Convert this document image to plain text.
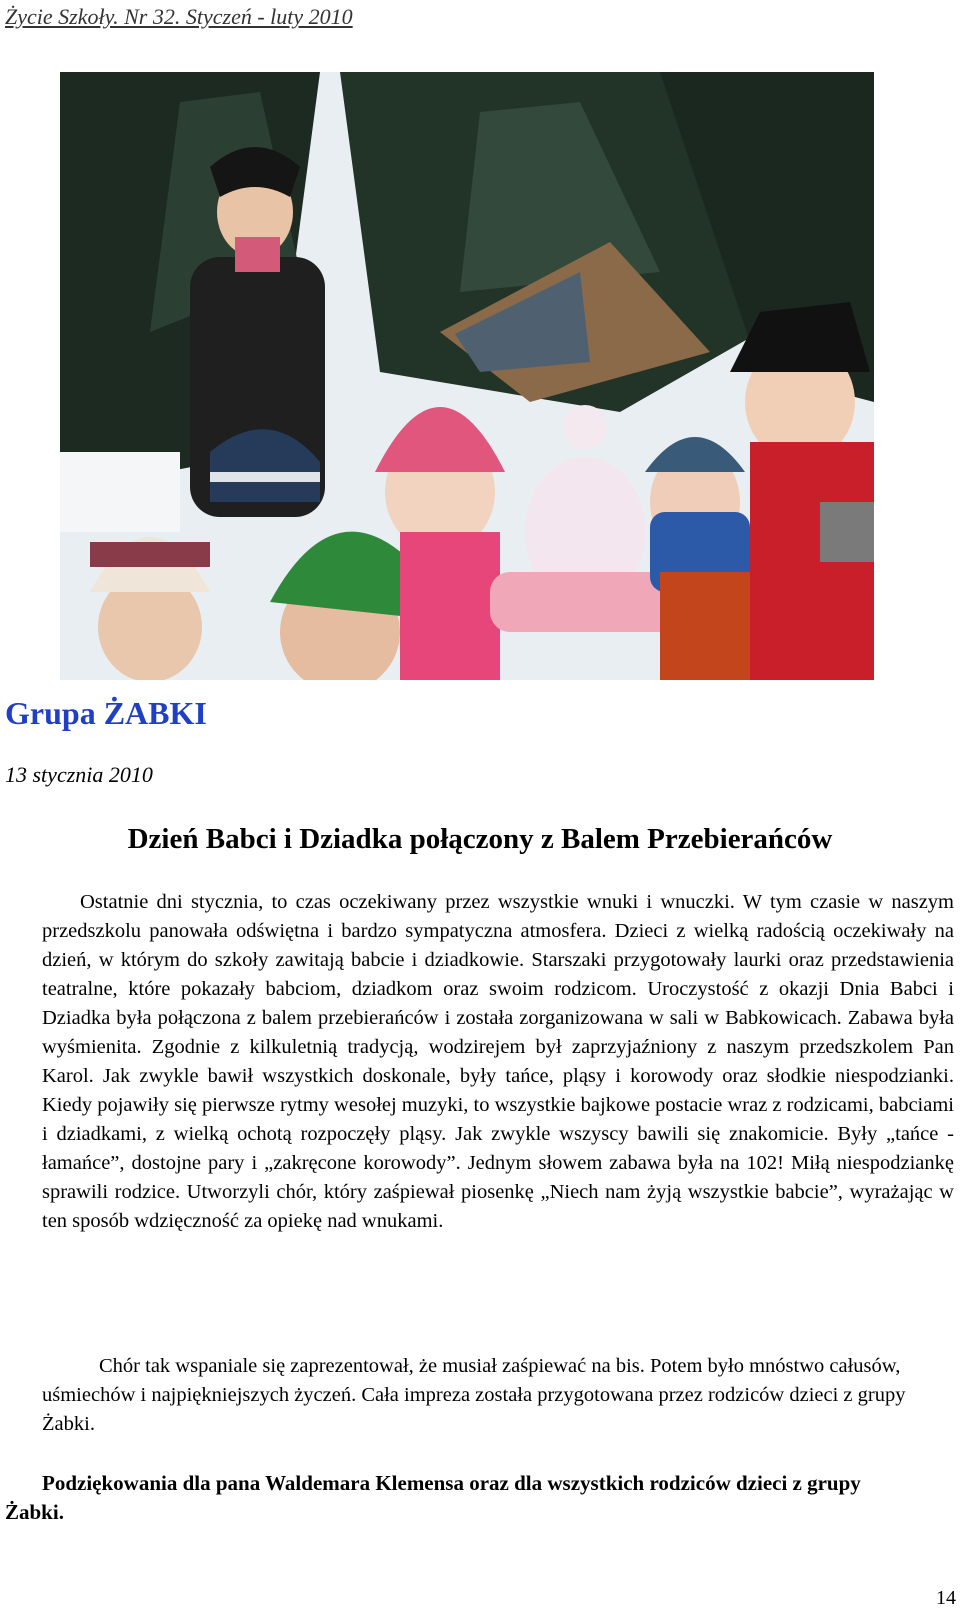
Życie Szkoły. Nr 32. Styczeń - luty 2010
Grupa ŻABKI
13 stycznia 2010
Dzień Babci i Dziadka połączony z Balem Przebierańców
Ostatnie dni stycznia, to czas oczekiwany przez wszystkie wnuki i wnuczki. W tym czasie w naszym przedszkolu panowała odświętna i bardzo sympatyczna atmosfera. Dzieci z wielką radością oczekiwały na dzień, w którym do szkoły zawitają babcie i dziadkowie. Starszaki przygotowały laurki oraz przedstawienia teatralne, które pokazały babciom, dziadkom oraz swoim rodzicom. Uroczystość z okazji Dnia Babci i Dziadka była połączona z balem przebierańców i została zorganizowana w sali w Babkowicach. Zabawa była wyśmienita. Zgodnie z kilkuletnią tradycją, wodzirejem był zaprzyjaźniony z naszym przedszkolem Pan Karol. Jak zwykle bawił wszystkich doskonale, były tańce, pląsy i korowody oraz słodkie niespodzianki. Kiedy pojawiły się pierwsze rytmy wesołej muzyki, to wszystkie bajkowe postacie wraz z rodzicami, babciami i dziadkami, z wielką ochotą rozpoczęły pląsy. Jak zwykle wszyscy bawili się znakomicie. Były „tańce - łamańce”, dostojne pary i „zakręcone korowody”. Jednym słowem zabawa była na 102! Miłą niespodziankę sprawili rodzice. Utworzyli chór, który zaśpiewał piosenkę „Niech nam żyją wszystkie babcie”, wyrażając w ten sposób wdzięczność za opiekę nad wnukami.
Chór tak wspaniale się zaprezentował, że musiał zaśpiewać na bis. Potem było mnóstwo całusów, uśmiechów i najpiękniejszych życzeń. Cała impreza została przygotowana przez rodziców dzieci z grupy Żabki.
Podziękowania dla pana Waldemara Klemensa oraz dla wszystkich rodziców dzieci z grupy Żabki.
14
